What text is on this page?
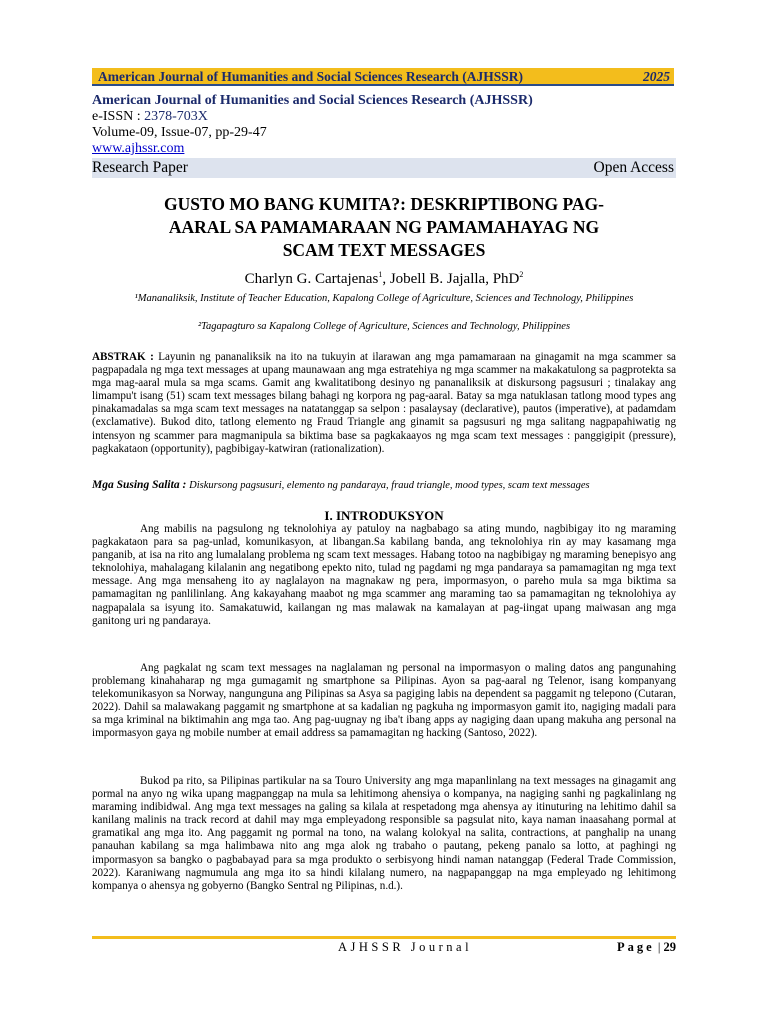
American Journal of Humanities and Social Sciences Research (AJHSSR)	2025
American Journal of Humanities and Social Sciences Research (AJHSSR)
e-ISSN : 2378-703X
Volume-09, Issue-07, pp-29-47
www.ajhssr.com
Research Paper	Open Access
GUSTO MO BANG KUMITA?: DESKRIPTIBONG PAG-
AARAL SA PAMAMARAAN NG PAMAMAHAYAG NG
SCAM TEXT MESSAGES
Charlyn G. Cartajenas$^1$, Jobell B. Jajalla, PhD$^2$
¹Mananaliksik, Institute of Teacher Education, Kapalong College of Agriculture, Sciences and Technology, Philippines
²Tagapagturo sa Kapalong College of Agriculture, Sciences and Technology, Philippines
ABSTRAK : Layunin ng pananaliksik na ito na tukuyin at ilarawan ang mga pamamaraan na ginagamit na mga scammer sa pagpapadala ng mga text messages at upang maunawaan ang mga estratehiya ng mga scammer na makakatulong sa pagprotekta sa mga mag-aaral mula sa mga scams. Gamit ang kwalitatibong desinyo ng pananaliksik at diskursong pagsusuri ; tinalakay ang limampu't isang (51) scam text messages bilang bahagi ng korpora ng pag-aaral. Batay sa mga natuklasan tatlong mood types ang pinakamadalas sa mga scam text messages na natatanggap sa selpon : pasalaysay (declarative), pautos (imperative), at padamdam (exclamative). Bukod dito, tatlong elemento ng Fraud Triangle ang ginamit sa pagsusuri ng mga salitang nagpapahiwatig ng intensyon ng scammer para magmanipula sa biktima base sa pagkakaayos ng mga scam text messages : panggigipit (pressure), pagkakataon (opportunity), pagbibigay-katwiran (rationalization).
Mga Susing Salita : Diskursong pagsusuri, elemento ng pandaraya, fraud triangle, mood types, scam text messages
I. INTRODUKSYON

Ang mabilis na pagsulong ng teknolohiya ay patuloy na nagbabago sa ating mundo, nagbibigay ito ng maraming pagkakataon para sa pag-unlad, komunikasyon, at libangan.Sa kabilang banda, ang teknolohiya rin ay may kasamang mga panganib, at isa na rito ang lumalalang problema ng scam text messages. Habang totoo na nagbibigay ng maraming benepisyo ang teknolohiya, mahalagang kilalanin ang negatibong epekto nito, tulad ng pagdami ng mga pandaraya sa pamamagitan ng mga text message. Ang mga mensaheng ito ay naglalayon na magnakaw ng pera, impormasyon, o pareho mula sa mga biktima sa pamamagitan ng panlilinlang. Ang kakayahang maabot ng mga scammer ang maraming tao sa pamamagitan ng teknolohiya ay nagpapalala sa isyung ito. Samakatuwid, kailangan ng mas malawak na kamalayan at pag-iingat upang maiwasan ang mga ganitong uri ng pandaraya.

Ang pagkalat ng scam text messages na naglalaman ng personal na impormasyon o maling datos ang pangunahing problemang kinahaharap ng mga gumagamit ng smartphone sa Pilipinas. Ayon sa pag-aaral ng Telenor, isang kompanyang telekomunikasyon sa Norway, nangunguna ang Pilipinas sa Asya sa pagiging labis na dependent sa paggamit ng telepono (Cutaran, 2022). Dahil sa malawakang paggamit ng smartphone at sa kadalian ng pagkuha ng impormasyon gamit ito, nagiging madali para sa mga kriminal na biktimahin ang mga tao. Ang pag-uugnay ng iba't ibang apps ay nagiging daan upang makuha ang personal na impormasyon gaya ng mobile number at email address sa pamamagitan ng hacking (Santoso, 2022).

Bukod pa rito, sa Pilipinas partikular na sa Touro University ang mga mapanlinlang na text messages na ginagamit ang pormal na anyo ng wika upang magpanggap na mula sa lehitimong ahensiya o kompanya, na nagiging sanhi ng pagkalinlang ng maraming indibidwal. Ang mga text messages na galing sa kilala at respetadong mga ahensya ay itinuturing na lehitimo dahil sa kanilang malinis na track record at dahil may mga empleyadong responsible sa pagsulat nito, kaya naman inaasahang pormal at gramatikal ang mga ito. Ang paggamit ng pormal na tono, na walang kolokyal na salita, contractions, at panghalip na unang panauhan kabilang sa mga halimbawa nito ang mga alok ng trabaho o pautang, pekeng panalo sa lotto, at paghingi ng impormasyon sa bangko o pagbabayad para sa mga produkto o serbisyong hindi naman natanggap (Federal Trade Commission, 2022). Karaniwang nagmumula ang mga ito sa hindi kilalang numero, na nagpapanggap na mga empleyado ng lehitimong kompanya o ahensya ng gobyerno (Bangko Sentral ng Pilipinas, n.d.).

AJHSSR Journal	Page | 29
